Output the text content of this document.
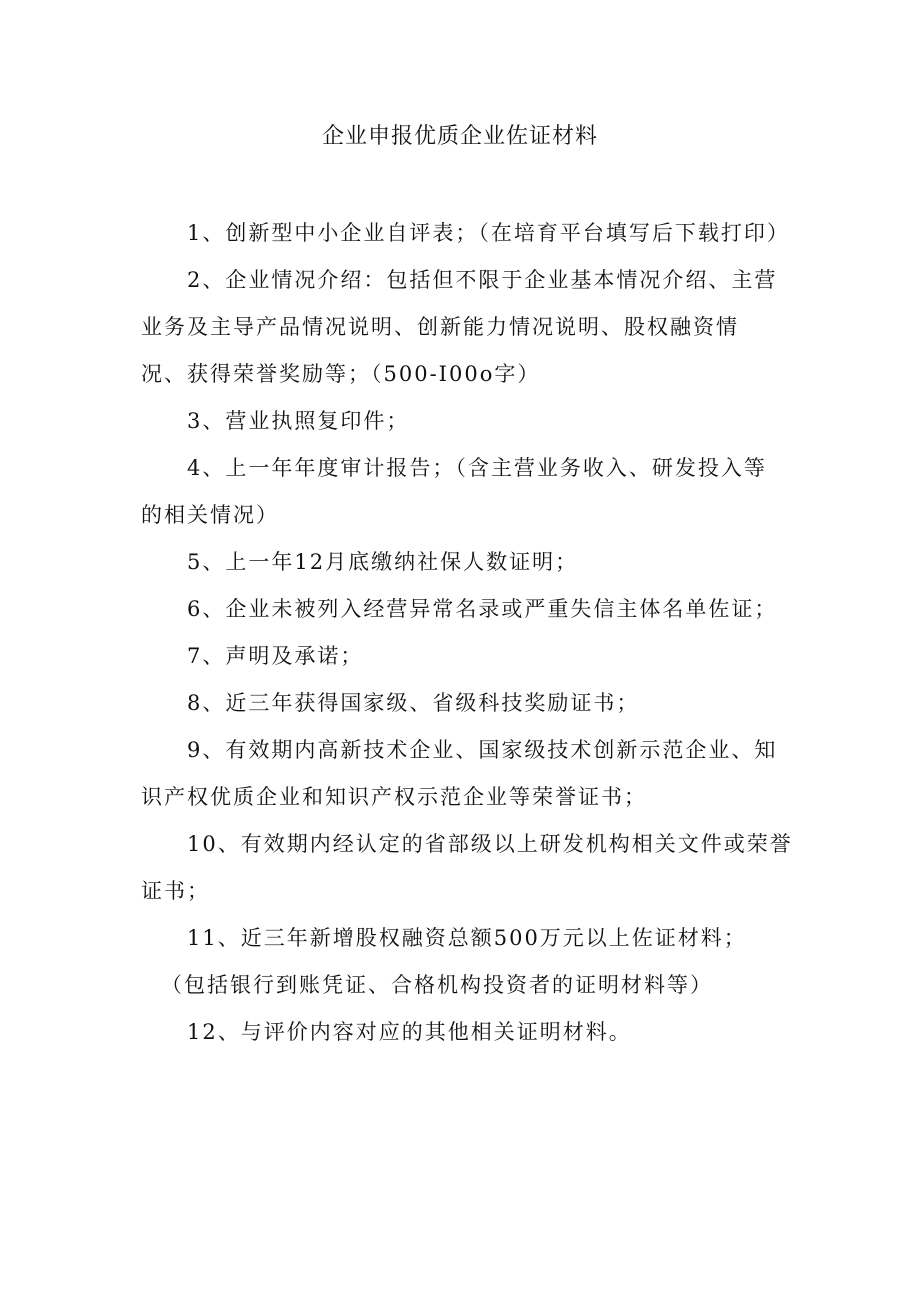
企业申报优质企业佐证材料

1、创新型中小企业自评表；（在培育平台填写后下载打印）

2、企业情况介绍：包括但不限于企业基本情况介绍、主营
业务及主导产品情况说明、创新能力情况说明、股权融资情
况、获得荣誉奖励等；（500-I00o字）

3、营业执照复印件；

4、上一年年度审计报告；（含主营业务收入、研发投入等
的相关情况）

5、上一年12月底缴纳社保人数证明；

6、企业未被列入经营异常名录或严重失信主体名单佐证；

7、声明及承诺；

8、近三年获得国家级、省级科技奖励证书；

9、有效期内高新技术企业、国家级技术创新示范企业、知
识产权优质企业和知识产权示范企业等荣誉证书；

10、有效期内经认定的省部级以上研发机构相关文件或荣誉
证书；

11、近三年新增股权融资总额500万元以上佐证材料；

（包括银行到账凭证、合格机构投资者的证明材料等）

12、与评价内容对应的其他相关证明材料。
